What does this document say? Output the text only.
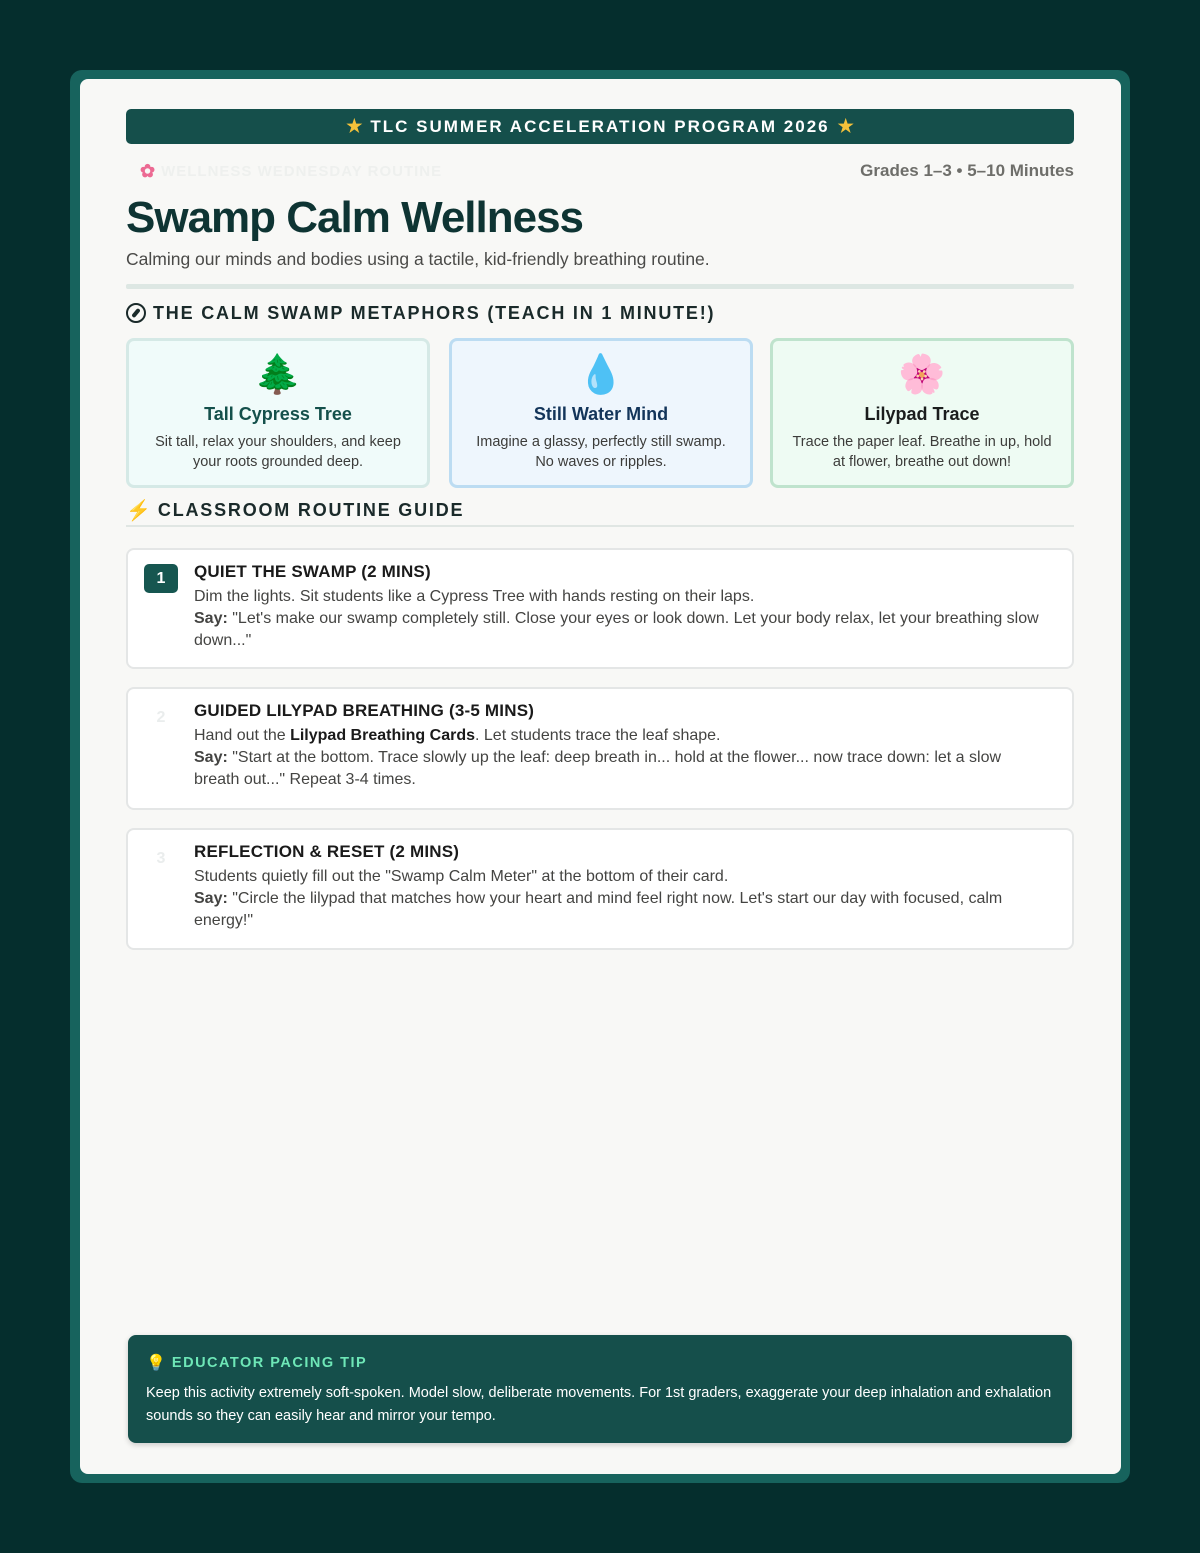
★ TLC SUMMER ACCELERATION PROGRAM 2026 ★
✿ WELLNESS WEDNESDAY ROUTINE	Grades 1–3 • 5–10 Minutes
Swamp Calm Wellness

Calming our minds and bodies using a tactile, kid-friendly breathing routine.

THE CALM SWAMP METAPHORS (TEACH IN 1 MINUTE!)
🌲
Tall Cypress Tree
Sit tall, relax your shoulders, and keep your roots grounded deep.
💧
Still Water Mind
Imagine a glassy, perfectly still swamp. No waves or ripples.
🌸
Lilypad Trace
Trace the paper leaf. Breathe in up, hold at flower, breathe out down!
⚡ CLASSROOM ROUTINE GUIDE
1	QUIET THE SWAMP (2 MINS)
Dim the lights. Sit students like a Cypress Tree with hands resting on their laps.
Say: "Let's make our swamp completely still. Close your eyes or look down. Let your body relax, let your breathing slow down..."
2	GUIDED LILYPAD BREATHING (3-5 MINS)
Hand out the Lilypad Breathing Cards. Let students trace the leaf shape.
Say: "Start at the bottom. Trace slowly up the leaf: deep breath in... hold at the flower... now trace down: let a slow breath out..." Repeat 3-4 times.
3	REFLECTION & RESET (2 MINS)
Students quietly fill out the "Swamp Calm Meter" at the bottom of their card.
Say: "Circle the lilypad that matches how your heart and mind feel right now. Let's start our day with focused, calm energy!"
💡 EDUCATOR PACING TIP
Keep this activity extremely soft-spoken. Model slow, deliberate movements. For 1st graders, exaggerate your deep inhalation and exhalation sounds so they can easily hear and mirror your tempo.
